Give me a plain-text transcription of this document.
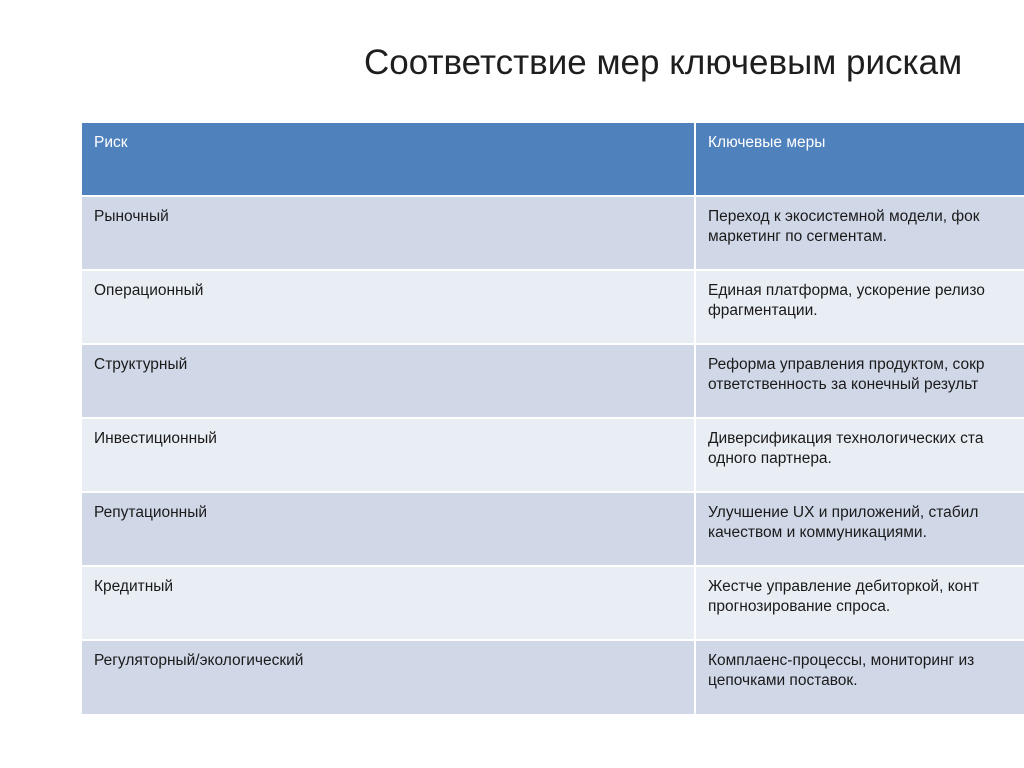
Соответствие мер ключевым рискам
Риск	Ключевые меры
Рыночный	Переход к экосистемной модели, фок
маркетинг по сегментам.

Операционный	Единая платформа, ускорение релизо
фрагментации.

Структурный	Реформа управления продуктом, сокр
ответственность за конечный результ

Инвестиционный	Диверсификация технологических ста
одного партнера.

Репутационный	Улучшение UX и приложений, стабил
качеством и коммуникациями.

Кредитный	Жестче управление дебиторкой, конт
прогнозирование спроса.

Регуляторный/экологический	Комплаенс-процессы, мониторинг из
цепочками поставок.
